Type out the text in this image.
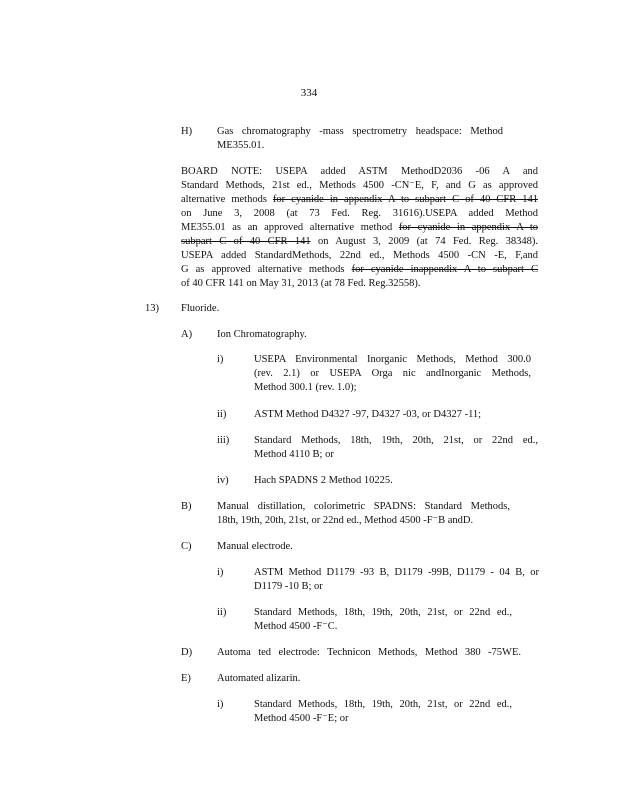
334
H)	Gas chromatography -mass spectrometry headspace: Method
ME355.01.
BOARD NOTE: USEPA added ASTM MethodD2036 -06 A and
Standard Methods, 21st ed., Methods 4500 -CN⁻E, F, and G as approved
alternative methods for cyanide in appendix A to subpart C of 40 CFR 141
on June 3, 2008 (at 73 Fed. Reg. 31616).USEPA added Method
ME355.01 as an approved alternative method for cyanide in appendix A to
subpart C of 40 CFR 141 on August 3, 2009 (at 74 Fed. Reg. 38348).
USEPA added StandardMethods, 22nd ed., Methods 4500 -CN -E, F,and
G as approved alternative methods for cyanide inappendix A to subpart C
of 40 CFR 141 on May 31, 2013 (at 78 Fed. Reg.32558).
13)	Fluoride.
A)	Ion Chromatography.
i)	USEPA Environmental Inorganic Methods, Method 300.0
(rev. 2.1) or USEPA Orga nic andInorganic Methods,
Method 300.1 (rev. 1.0);
ii)	ASTM Method D4327 -97, D4327 -03, or D4327 -11;
iii)	Standard Methods, 18th, 19th, 20th, 21st, or 22nd ed.,
Method 4110 B; or
iv)	Hach SPADNS 2 Method 10225.
B)	Manual distillation, colorimetric SPADNS: Standard Methods,
18th, 19th, 20th, 21st, or 22nd ed., Method 4500 -F⁻B andD.
C)	Manual electrode.
i)	ASTM Method D1179 -93 B, D1179 -99B, D1179 - 04 B, or
D1179 -10 B; or
ii)	Standard Methods, 18th, 19th, 20th, 21st, or 22nd ed.,
Method 4500 -F⁻C.
D)	Automa ted electrode: Technicon Methods, Method 380 -75WE.
E)	Automated alizarin.
i)	Standard Methods, 18th, 19th, 20th, 21st, or 22nd ed.,
Method 4500 -F⁻E; or
